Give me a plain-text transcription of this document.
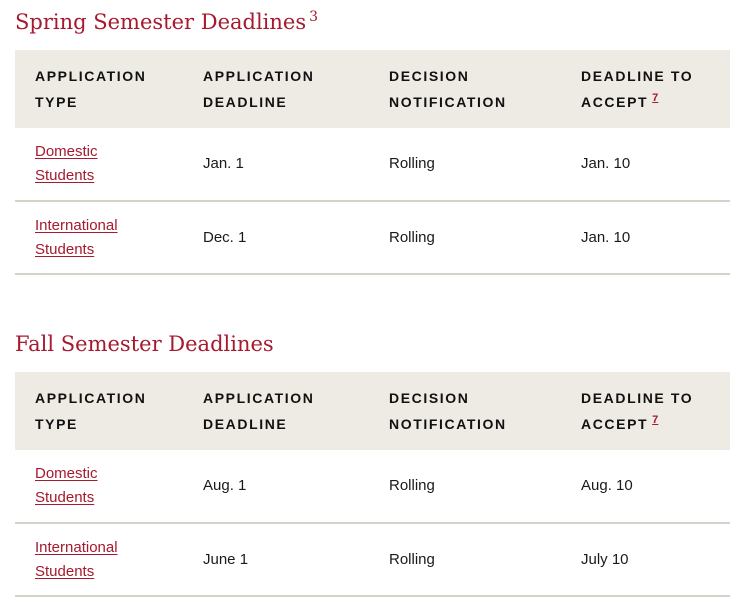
Spring Semester Deadlines $^3$
APPLICATION TYPE	APPLICATION DEADLINE	DECISION NOTIFICATION	DEADLINE TO ACCEPT $^7$
Domestic Students	Jan. 1	Rolling	Jan. 10
International Students	Dec. 1	Rolling	Jan. 10
Fall Semester Deadlines
APPLICATION TYPE	APPLICATION DEADLINE	DECISION NOTIFICATION	DEADLINE TO ACCEPT $^7$
Domestic Students	Aug. 1	Rolling	Aug. 10
International Students	June 1	Rolling	July 10
